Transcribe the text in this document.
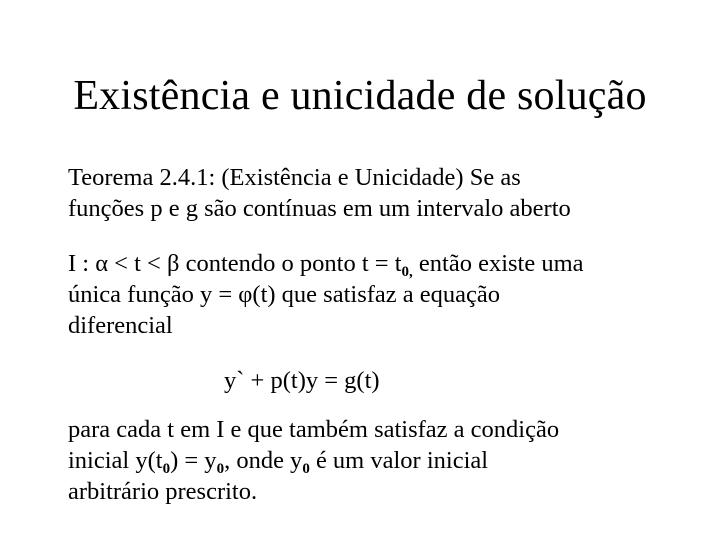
Existência e unicidade de solução
Teorema 2.4.1: (Existência e Unicidade) Se as
funções p e g são contínuas em um intervalo aberto
I : α < t < β contendo o ponto $t = t_{0,}$ então existe uma
única função y = φ(t) que satisfaz a equação
diferencial
y` + p(t)y = g(t)
para cada t em I e que também satisfaz a condição
inicial $y(t_0) = y_0$, onde $y_0$ é um valor inicial
arbitrário prescrito.
